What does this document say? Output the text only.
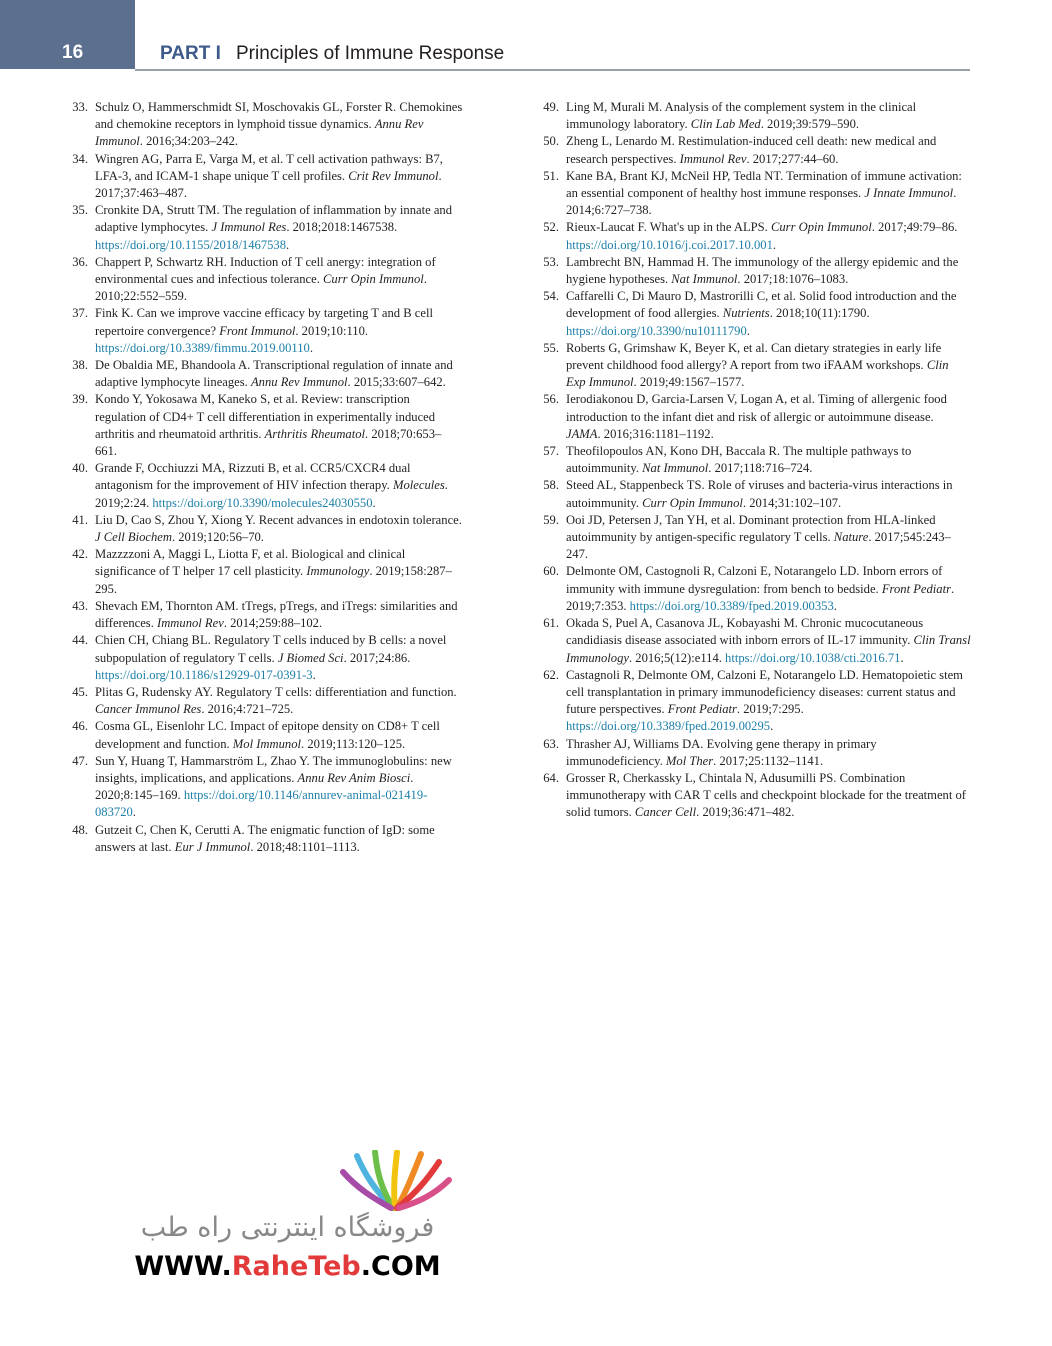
16	PART I Principles of Immune Response
33. Schulz O, Hammerschmidt SI, Moschovakis GL, Forster R. Chemokines and chemokine receptors in lymphoid tissue dynamics. Annu Rev Immunol. 2016;34:203–242.
34. Wingren AG, Parra E, Varga M, et al. T cell activation pathways: B7, LFA-3, and ICAM-1 shape unique T cell profiles. Crit Rev Immunol. 2017;37:463–487.
35. Cronkite DA, Strutt TM. The regulation of inflammation by innate and adaptive lymphocytes. J Immunol Res. 2018;2018:1467538. https://doi.org/10.1155/2018/1467538.
36. Chappert P, Schwartz RH. Induction of T cell anergy: integration of environmental cues and infectious tolerance. Curr Opin Immunol. 2010;22:552–559.
37. Fink K. Can we improve vaccine efficacy by targeting T and B cell repertoire convergence? Front Immunol. 2019;10:110. https://doi.org/10.3389/fimmu.2019.00110.
38. De Obaldia ME, Bhandoola A. Transcriptional regulation of innate and adaptive lymphocyte lineages. Annu Rev Immunol. 2015;33:607–642.
39. Kondo Y, Yokosawa M, Kaneko S, et al. Review: transcription regulation of CD4+ T cell differentiation in experimentally induced arthritis and rheumatoid arthritis. Arthritis Rheumatol. 2018;70:653–661.
40. Grande F, Occhiuzzi MA, Rizzuti B, et al. CCR5/CXCR4 dual antagonism for the improvement of HIV infection therapy. Molecules. 2019;2:24. https://doi.org/10.3390/molecules24030550.
41. Liu D, Cao S, Zhou Y, Xiong Y. Recent advances in endotoxin tolerance. J Cell Biochem. 2019;120:56–70.
42. Mazzzzoni A, Maggi L, Liotta F, et al. Biological and clinical significance of T helper 17 cell plasticity. Immunology. 2019;158:287–295.
43. Shevach EM, Thornton AM. tTregs, pTregs, and iTregs: similarities and differences. Immunol Rev. 2014;259:88–102.
44. Chien CH, Chiang BL. Regulatory T cells induced by B cells: a novel subpopulation of regulatory T cells. J Biomed Sci. 2017;24:86. https://doi.org/10.1186/s12929-017-0391-3.
45. Plitas G, Rudensky AY. Regulatory T cells: differentiation and function. Cancer Immunol Res. 2016;4:721–725.
46. Cosma GL, Eisenlohr LC. Impact of epitope density on CD8+ T cell development and function. Mol Immunol. 2019;113:120–125.
47. Sun Y, Huang T, Hammarström L, Zhao Y. The immunoglobulins: new insights, implications, and applications. Annu Rev Anim Biosci. 2020;8:145–169. https://doi.org/10.1146/annurev-animal-021419-083720.
48. Gutzeit C, Chen K, Cerutti A. The enigmatic function of IgD: some answers at last. Eur J Immunol. 2018;48:1101–1113.
49. Ling M, Murali M. Analysis of the complement system in the clinical immunology laboratory. Clin Lab Med. 2019;39:579–590.
50. Zheng L, Lenardo M. Restimulation-induced cell death: new medical and research perspectives. Immunol Rev. 2017;277:44–60.
51. Kane BA, Brant KJ, McNeil HP, Tedla NT. Termination of immune activation: an essential component of healthy host immune responses. J Innate Immunol. 2014;6:727–738.
52. Rieux-Laucat F. What's up in the ALPS. Curr Opin Immunol. 2017;49:79–86. https://doi.org/10.1016/j.coi.2017.10.001.
53. Lambrecht BN, Hammad H. The immunology of the allergy epidemic and the hygiene hypotheses. Nat Immunol. 2017;18:1076–1083.
54. Caffarelli C, Di Mauro D, Mastrorilli C, et al. Solid food introduction and the development of food allergies. Nutrients. 2018;10(11):1790. https://doi.org/10.3390/nu10111790.
55. Roberts G, Grimshaw K, Beyer K, et al. Can dietary strategies in early life prevent childhood food allergy? A report from two iFAAM workshops. Clin Exp Immunol. 2019;49:1567–1577.
56. Ierodiakonou D, Garcia-Larsen V, Logan A, et al. Timing of allergenic food introduction to the infant diet and risk of allergic or autoimmune disease. JAMA. 2016;316:1181–1192.
57. Theofilopoulos AN, Kono DH, Baccala R. The multiple pathways to autoimmunity. Nat Immunol. 2017;118:716–724.
58. Steed AL, Stappenbeck TS. Role of viruses and bacteria-virus interactions in autoimmunity. Curr Opin Immunol. 2014;31:102–107.
59. Ooi JD, Petersen J, Tan YH, et al. Dominant protection from HLA-linked autoimmunity by antigen-specific regulatory T cells. Nature. 2017;545:243–247.
60. Delmonte OM, Castognoli R, Calzoni E, Notarangelo LD. Inborn errors of immunity with immune dysregulation: from bench to bedside. Front Pediatr. 2019;7:353. https://doi.org/10.3389/fped.2019.00353.
61. Okada S, Puel A, Casanova JL, Kobayashi M. Chronic mucocutaneous candidiasis disease associated with inborn errors of IL-17 immunity. Clin Transl Immunology. 2016;5(12):e114. https://doi.org/10.1038/cti.2016.71.
62. Castagnoli R, Delmonte OM, Calzoni E, Notarangelo LD. Hematopoietic stem cell transplantation in primary immunodeficiency diseases: current status and future perspectives. Front Pediatr. 2019;7:295. https://doi.org/10.3389/fped.2019.00295.
63. Thrasher AJ, Williams DA. Evolving gene therapy in primary immunodeficiency. Mol Ther. 2017;25:1132–1141.
64. Grosser R, Cherkassky L, Chintala N, Adusumilli PS. Combination immunotherapy with CAR T cells and checkpoint blockade for the treatment of solid tumors. Cancer Cell. 2019;36:471–482.
فروشگاه اینترنتی راه طب
WWW.RaheTeb.COM
